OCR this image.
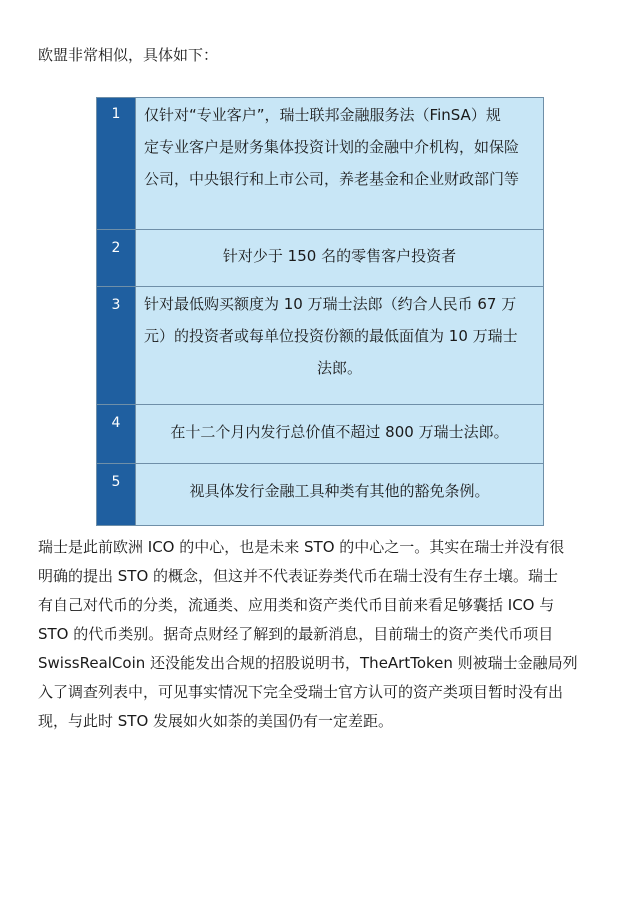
欧盟非常相似，具体如下：
1	仅针对“专业客户”，瑞士联邦金融服务法（FinSA）规
定专业客户是财务集体投资计划的金融中介机构，如保险
公司，中央银行和上市公司，养老基金和企业财政部门等
2	针对少于 150 名的零售客户投资者
3	针对最低购买额度为 10 万瑞士法郎（约合人民币 67 万
元）的投资者或每单位投资份额的最低面值为 10 万瑞士
法郎。
4	在十二个月内发行总价值不超过 800 万瑞士法郎。
5	视具体发行金融工具种类有其他的豁免条例。
瑞士是此前欧洲 ICO 的中心，也是未来 STO 的中心之一。其实在瑞士并没有很
明确的提出 STO 的概念，但这并不代表证券类代币在瑞士没有生存土壤。瑞士
有自己对代币的分类，流通类、应用类和资产类代币目前来看足够囊括 ICO 与
STO 的代币类别。据奇点财经了解到的最新消息，目前瑞士的资产类代币项目
SwissRealCoin 还没能发出合规的招股说明书，TheArtToken 则被瑞士金融局列
入了调查列表中，可见事实情况下完全受瑞士官方认可的资产类项目暂时没有出
现，与此时 STO 发展如火如荼的美国仍有一定差距。
